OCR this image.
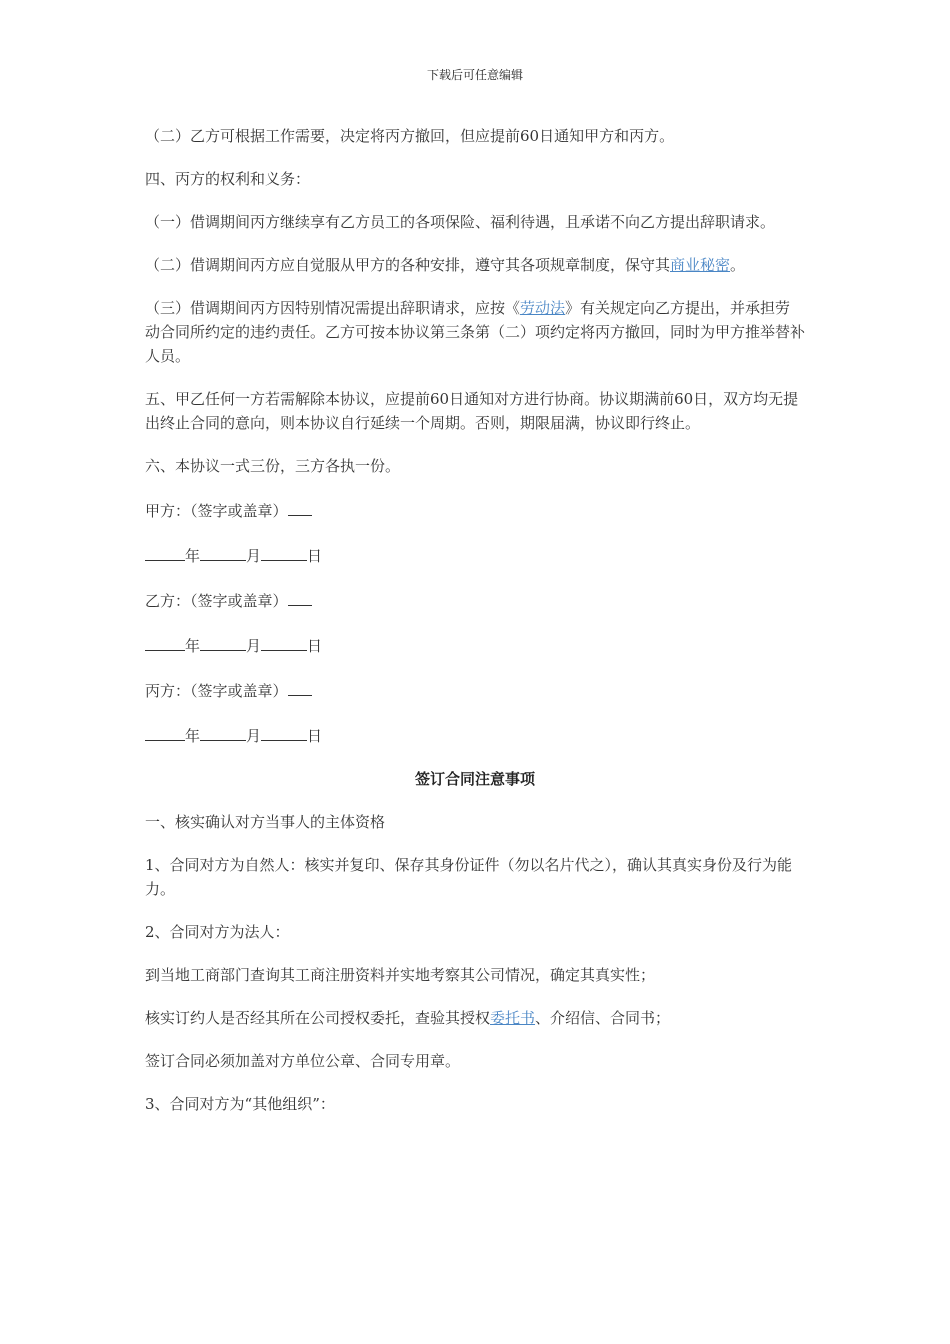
下载后可任意编辑

（二）乙方可根据工作需要，决定将丙方撤回，但应提前60日通知甲方和丙方。

四、丙方的权利和义务：

（一）借调期间丙方继续享有乙方员工的各项保险、福利待遇，且承诺不向乙方提出辞职请求。

（二）借调期间丙方应自觉服从甲方的各种安排，遵守其各项规章制度，保守其商业秘密。

（三）借调期间丙方因特别情况需提出辞职请求，应按《劳动法》有关规定向乙方提出，并承担劳动合同所约定的违约责任。乙方可按本协议第三条第（二）项约定将丙方撤回，同时为甲方推举替补人员。

五、甲乙任何一方若需解除本协议，应提前60日通知对方进行协商。协议期满前60日，双方均无提出终止合同的意向，则本协议自行延续一个周期。否则，期限届满，协议即行终止。

六、本协议一式三份，三方各执一份。

甲方：（签字或盖章）

年	月	日

乙方：（签字或盖章）

年	月	日

丙方：（签字或盖章）

年	月	日

签订合同注意事项

一、核实确认对方当事人的主体资格

1、合同对方为自然人：核实并复印、保存其身份证件（勿以名片代之），确认其真实身份及行为能力。

2、合同对方为法人：

到当地工商部门查询其工商注册资料并实地考察其公司情况，确定其真实性；

核实订约人是否经其所在公司授权委托，查验其授权委托书、介绍信、合同书；

签订合同必须加盖对方单位公章、合同专用章。

3、合同对方为“其他组织”：
